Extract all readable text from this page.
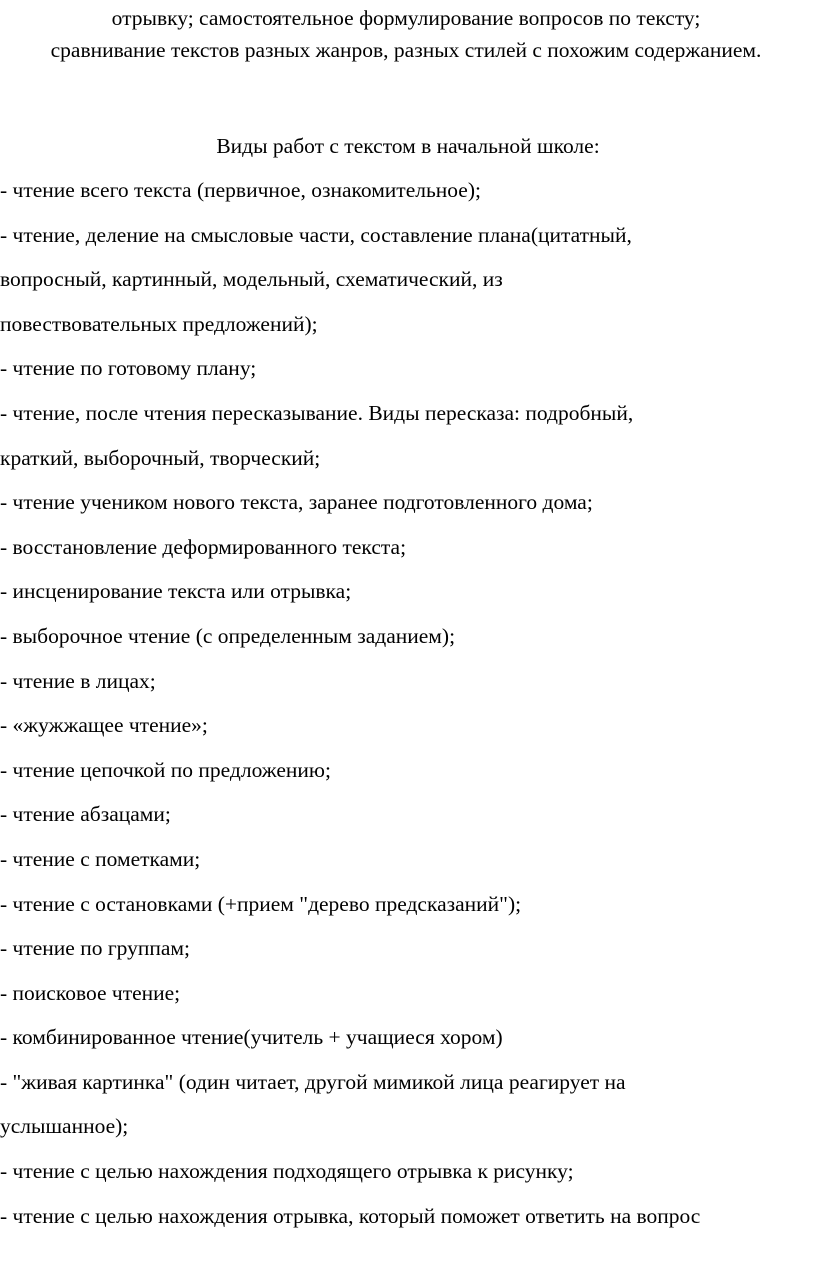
отрывку; самостоятельное формулирование вопросов по тексту;
сравнивание текстов разных жанров, разных стилей с похожим содержанием.
Виды работ с текстом в начальной школе:
- чтение всего текста (первичное, ознакомительное);
- чтение, деление на смысловые части, составление плана(цитатный,
вопросный, картинный, модельный, схематический, из
повествовательных предложений);
- чтение по готовому плану;
- чтение, после чтения пересказывание. Виды пересказа: подробный,
краткий, выборочный, творческий;
- чтение учеником нового текста, заранее подготовленного дома;
- восстановление деформированного текста;
- инсценирование текста или отрывка;
- выборочное чтение (с определенным заданием);
- чтение в лицах;
- «жужжащее чтение»;
- чтение цепочкой по предложению;
- чтение абзацами;
- чтение с пометками;
- чтение с остановками (+прием "дерево предсказаний");
- чтение по группам;
- поисковое чтение;
- комбинированное чтение(учитель + учащиеся хором)
- "живая картинка" (один читает, другой мимикой лица реагирует на
услышанное);
- чтение с целью нахождения подходящего отрывка к рисунку;
- чтение с целью нахождения отрывка, который поможет ответить на вопрос
